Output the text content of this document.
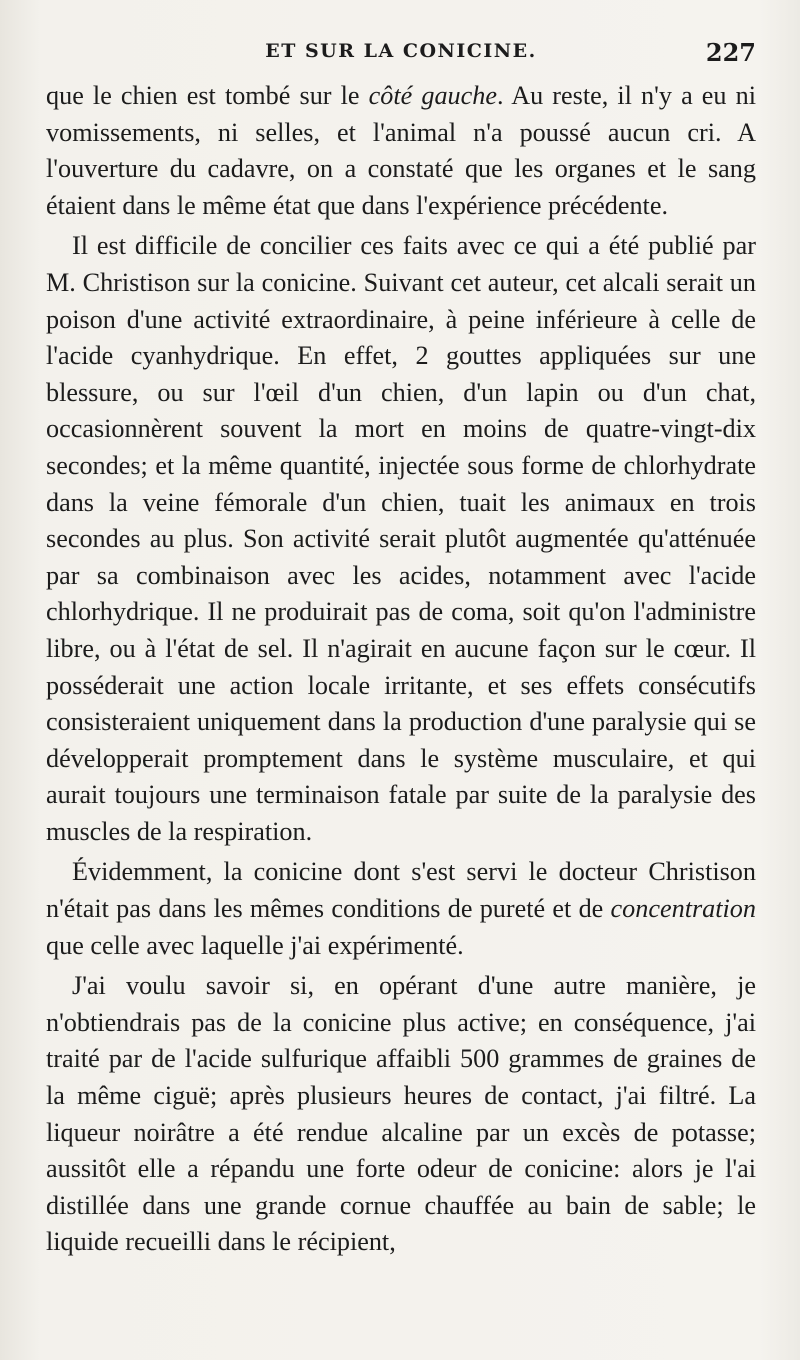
ET SUR LA CONICINE.	227

que le chien est tombé sur le côté gauche. Au reste, il n'y a eu ni vomissements, ni selles, et l'animal n'a poussé aucun cri. A l'ouverture du cadavre, on a constaté que les organes et le sang étaient dans le même état que dans l'expérience précédente.

Il est difficile de concilier ces faits avec ce qui a été publié par M. Christison sur la conicine. Suivant cet auteur, cet alcali serait un poison d'une activité extraordinaire, à peine inférieure à celle de l'acide cyanhydrique. En effet, 2 gouttes appliquées sur une blessure, ou sur l'œil d'un chien, d'un lapin ou d'un chat, occasionnèrent souvent la mort en moins de quatre-vingt-dix secondes; et la même quantité, injectée sous forme de chlorhydrate dans la veine fémorale d'un chien, tuait les animaux en trois secondes au plus. Son activité serait plutôt augmentée qu'atténuée par sa combinaison avec les acides, notamment avec l'acide chlorhydrique. Il ne produirait pas de coma, soit qu'on l'administre libre, ou à l'état de sel. Il n'agirait en aucune façon sur le cœur. Il posséderait une action locale irritante, et ses effets consécutifs consisteraient uniquement dans la production d'une paralysie qui se développerait promptement dans le système musculaire, et qui aurait toujours une terminaison fatale par suite de la paralysie des muscles de la respiration.

Évidemment, la conicine dont s'est servi le docteur Christison n'était pas dans les mêmes conditions de pureté et de concentration que celle avec laquelle j'ai expérimenté.

J'ai voulu savoir si, en opérant d'une autre manière, je n'obtiendrais pas de la conicine plus active; en conséquence, j'ai traité par de l'acide sulfurique affaibli 500 grammes de graines de la même ciguë; après plusieurs heures de contact, j'ai filtré. La liqueur noirâtre a été rendue alcaline par un excès de potasse; aussitôt elle a répandu une forte odeur de conicine: alors je l'ai distillée dans une grande cornue chauffée au bain de sable; le liquide recueilli dans le récipient,
